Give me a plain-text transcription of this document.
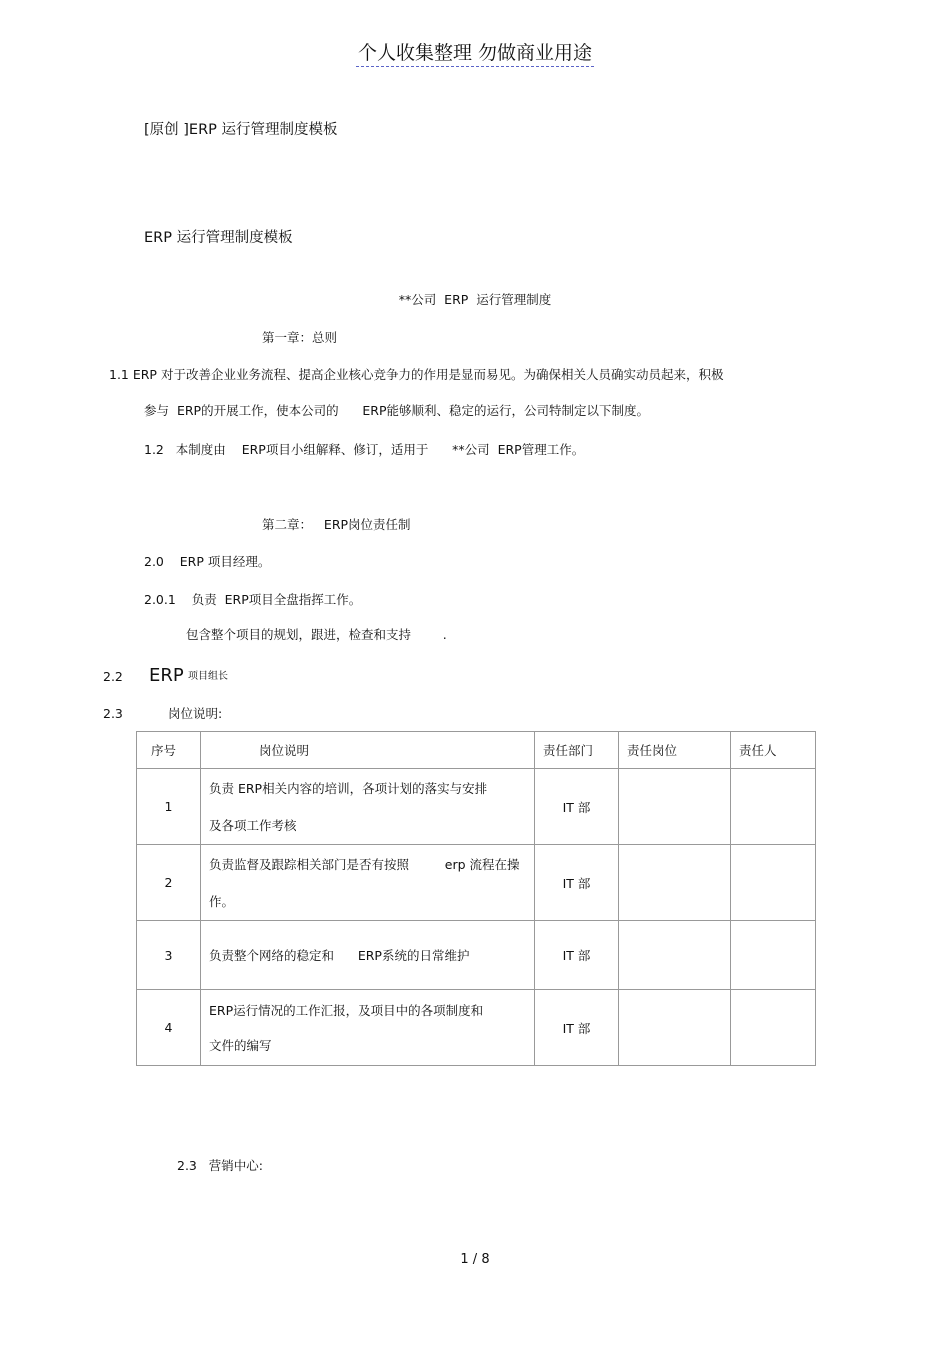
个人收集整理 勿做商业用途
[原创 ]ERP 运行管理制度模板
ERP 运行管理制度模板
**公司  ERP  运行管理制度
第一章：总则
1.1 ERP 对于改善企业业务流程、提高企业核心竞争力的作用是显而易见。为确保相关人员确实动员起来，积极
参与  ERP的开展工作，使本公司的      ERP能够顺利、稳定的运行，公司特制定以下制度。
1.2   本制度由    ERP项目小组解释、修订，适用于      **公司  ERP管理工作。
第二章：   ERP岗位责任制
2.0    ERP 项目经理。
2.0.1    负责  ERP项目全盘指挥工作。
包含整个项目的规划，跟进，检查和支持        .
2.2 ERP 项目组长
2.3	岗位说明:
序号	岗位说明	责任部门	责任岗位	责任人
1	负责 ERP相关内容的培训，各项计划的落实与安排
及各项工作考核	IT 部		
2	负责监督及跟踪相关部门是否有按照         erp 流程在操
作。	IT 部		
3	负责整个网络的稳定和      ERP系统的日常维护	IT 部		
4	ERP运行情况的工作汇报，及项目中的各项制度和
文件的编写	IT 部		
2.3   营销中心:
1 / 8
